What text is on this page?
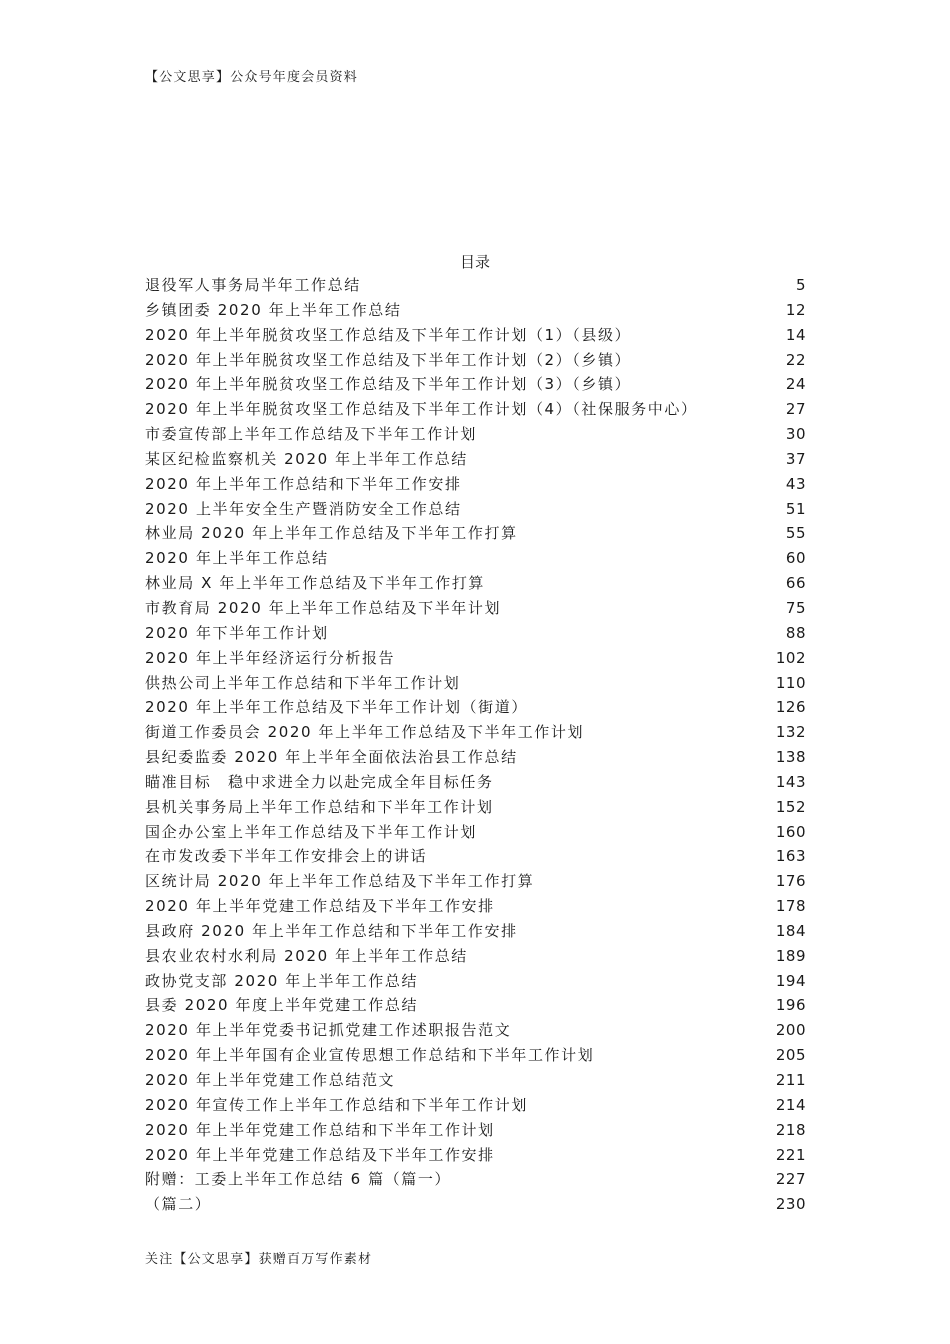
【公文思享】公众号年度会员资料
目录
退役军人事务局半年工作总结	5
乡镇团委 2020 年上半年工作总结	12
2020 年上半年脱贫攻坚工作总结及下半年工作计划（1）（县级）	14
2020 年上半年脱贫攻坚工作总结及下半年工作计划（2）（乡镇）	22
2020 年上半年脱贫攻坚工作总结及下半年工作计划（3）（乡镇）	24
2020 年上半年脱贫攻坚工作总结及下半年工作计划（4）（社保服务中心）	27
市委宣传部上半年工作总结及下半年工作计划	30
某区纪检监察机关 2020 年上半年工作总结	37
2020 年上半年工作总结和下半年工作安排	43
2020 上半年安全生产暨消防安全工作总结	51
林业局 2020 年上半年工作总结及下半年工作打算	55
2020 年上半年工作总结	60
林业局 X 年上半年工作总结及下半年工作打算	66
市教育局 2020 年上半年工作总结及下半年计划	75
2020 年下半年工作计划	88
2020 年上半年经济运行分析报告	102
供热公司上半年工作总结和下半年工作计划	110
2020 年上半年工作总结及下半年工作计划（街道）	126
街道工作委员会 2020 年上半年工作总结及下半年工作计划	132
县纪委监委 2020 年上半年全面依法治县工作总结	138
瞄准目标　稳中求进全力以赴完成全年目标任务	143
县机关事务局上半年工作总结和下半年工作计划	152
国企办公室上半年工作总结及下半年工作计划	160
在市发改委下半年工作安排会上的讲话	163
区统计局 2020 年上半年工作总结及下半年工作打算	176
2020 年上半年党建工作总结及下半年工作安排	178
县政府 2020 年上半年工作总结和下半年工作安排	184
县农业农村水利局 2020 年上半年工作总结	189
政协党支部 2020 年上半年工作总结	194
县委 2020 年度上半年党建工作总结	196
2020 年上半年党委书记抓党建工作述职报告范文	200
2020 年上半年国有企业宣传思想工作总结和下半年工作计划	205
2020 年上半年党建工作总结范文	211
2020 年宣传工作上半年工作总结和下半年工作计划	214
2020 年上半年党建工作总结和下半年工作计划	218
2020 年上半年党建工作总结及下半年工作安排	221
附赠：工委上半年工作总结 6 篇（篇一）	227
（篇二）	230
关注【公文思享】获赠百万写作素材
